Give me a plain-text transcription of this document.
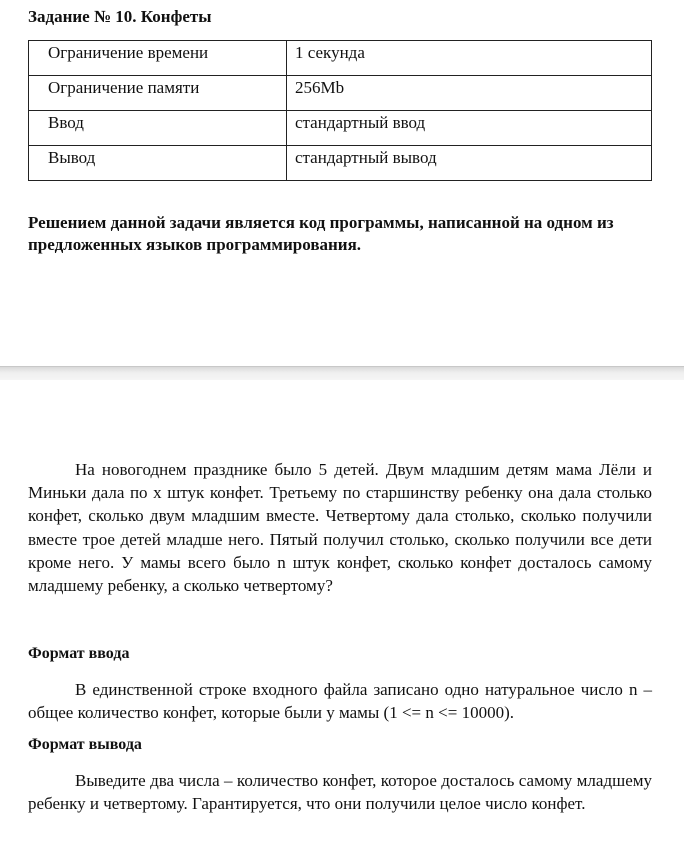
Задание № 10. Конфеты
Ограничение времени	1 секунда
Ограничение памяти	256Mb
Ввод	стандартный ввод
Вывод	стандартный вывод

Решением данной задачи является код программы, написанной на одном из предложенных языков программирования.

На новогоднем празднике было 5 детей. Двум младшим детям мама Лёли и Миньки дала по х штук конфет. Третьему по старшинству ребенку она дала столько конфет, сколько двум младшим вместе. Четвертому дала столько, сколько получили вместе трое детей младше него. Пятый получил столько, сколько получили все дети кроме него. У мамы всего было n штук конфет, сколько конфет досталось самому младшему ребенку, а сколько четвертому?

Формат ввода

В единственной строке входного файла записано одно натуральное число n – общее количество конфет, которые были у мамы (1 <= n <= 10000).

Формат вывода

Выведите два числа – количество конфет, которое досталось самому младшему ребенку и четвертому. Гарантируется, что они получили целое число конфет.
